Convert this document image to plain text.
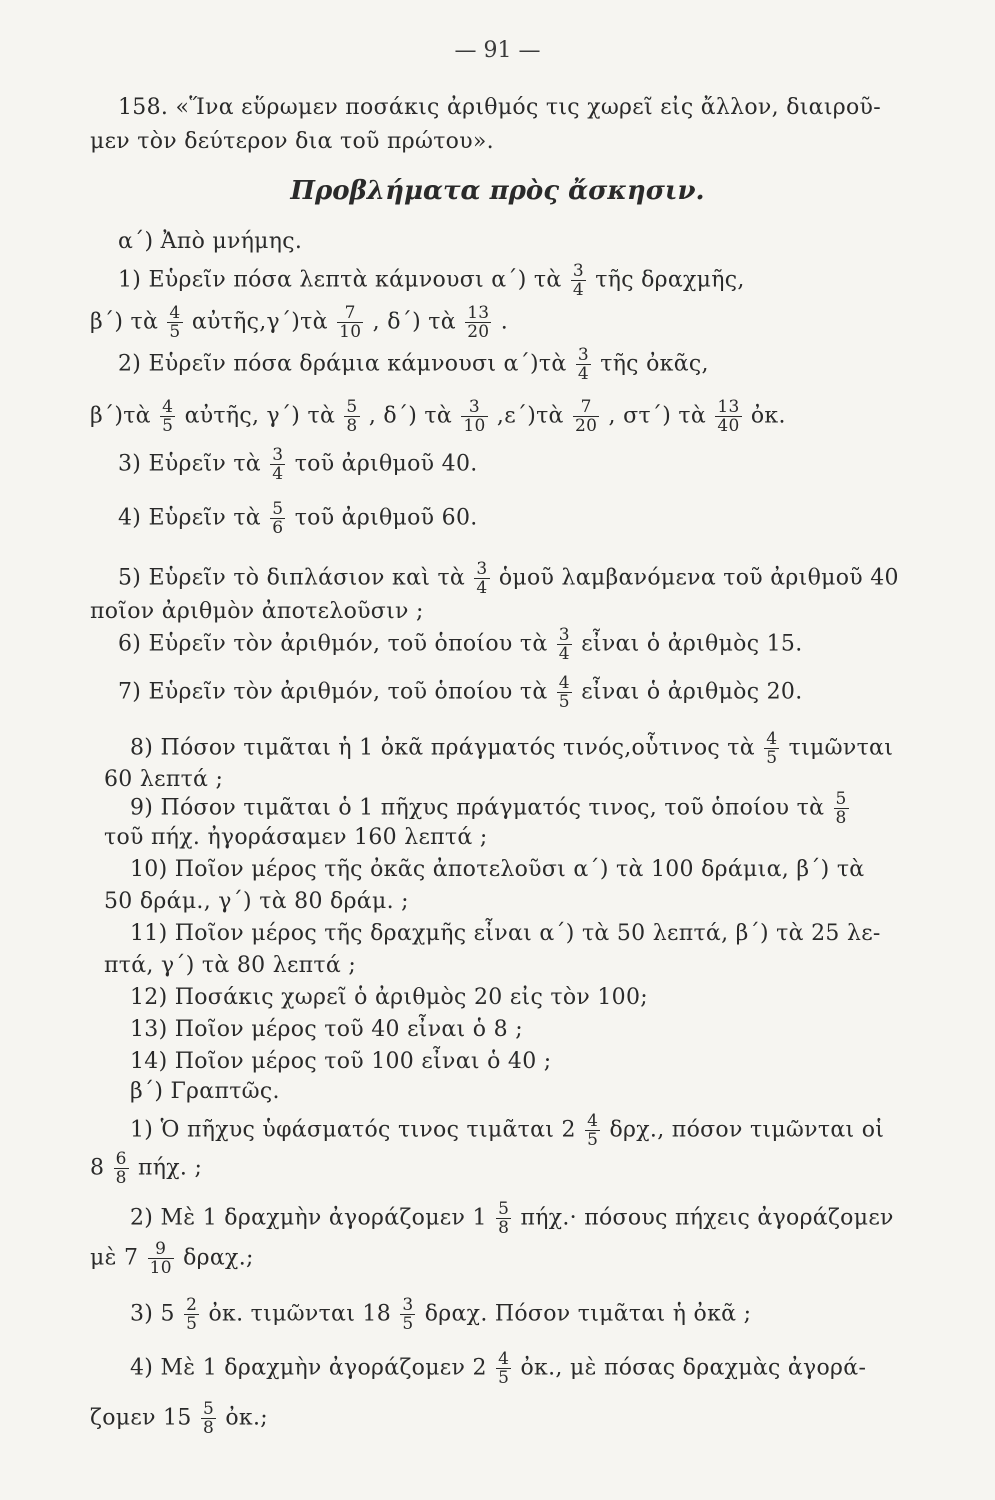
— 91 —
158. «Ἵνα εὕρωμεν ποσάκις ἀριθμός τις χωρεῖ εἰς ἄλλον, διαιροῦ-
μεν τὸν δεύτερον δια τοῦ πρώτου».
Προβλήματα πρὸς ἄσκησιν.
α΄) Ἀπὸ μνήμης.
1) Εὑρεῖν πόσα λεπτὰ κάμνουσι α΄) τὰ $\frac{3}{4}$ τῆς δραχμῆς,
β΄) τὰ $\frac{4}{5}$ αὐτῆς,γ΄)τὰ $\frac{7}{10}$ , δ΄) τὰ $\frac{13}{20}$ .
2) Εὑρεῖν πόσα δράμια κάμνουσι α΄)τὰ $\frac{3}{4}$ τῆς ὀκᾶς,
β΄)τὰ $\frac{4}{5}$ αὐτῆς, γ΄) τὰ $\frac{5}{8}$ , δ΄) τὰ $\frac{3}{10}$ ,ε΄)τὰ $\frac{7}{20}$ , στ΄) τὰ $\frac{13}{40}$ ὀκ.
3) Εὑρεῖν τὰ $\frac{3}{4}$ τοῦ ἀριθμοῦ 40.
4) Εὑρεῖν τὰ $\frac{5}{6}$ τοῦ ἀριθμοῦ 60.
5) Εὑρεῖν τὸ διπλάσιον καὶ τὰ $\frac{3}{4}$ ὁμοῦ λαμβανόμενα τοῦ ἀριθμοῦ 40
ποῖον ἀριθμὸν ἀποτελοῦσιν ;
6) Εὑρεῖν τὸν ἀριθμόν, τοῦ ὁποίου τὰ $\frac{3}{4}$ εἶναι ὁ ἀριθμὸς 15.
7) Εὑρεῖν τὸν ἀριθμόν, τοῦ ὁποίου τὰ $\frac{4}{5}$ εἶναι ὁ ἀριθμὸς 20.
8) Πόσον τιμᾶται ἡ 1 ὀκᾶ πράγματός τινός,οὗτινος τὰ $\frac{4}{5}$ τιμῶνται
60 λεπτά ;
9) Πόσον τιμᾶται ὁ 1 πῆχυς πράγματός τινος, τοῦ ὁποίου τὰ $\frac{5}{8}$
τοῦ πήχ. ἠγοράσαμεν 160 λεπτά ;
10) Ποῖον μέρος τῆς ὀκᾶς ἀποτελοῦσι α΄) τὰ 100 δράμια, β΄) τὰ
50 δράμ., γ΄) τὰ 80 δράμ. ;
11) Ποῖον μέρος τῆς δραχμῆς εἶναι α΄) τὰ 50 λεπτά, β΄) τὰ 25 λε-
πτά, γ΄) τὰ 80 λεπτά ;
12) Ποσάκις χωρεῖ ὁ ἀριθμὸς 20 εἰς τὸν 100;
13) Ποῖον μέρος τοῦ 40 εἶναι ὁ 8 ;
14) Ποῖον μέρος τοῦ 100 εἶναι ὁ 40 ;
β΄) Γραπτῶς.
1) Ὁ πῆχυς ὑφάσματός τινος τιμᾶται $2 \frac{4}{5} \delta\rho\chi$., πόσον τιμῶνται οἱ
$8 \frac{6}{8} \pi ή\chi$. ;
2) Μὲ 1 δραχμὴν ἀγοράζομεν $1 \frac{5}{8} \pi ή\chi.\cdot \pi ό\sigma o\upsilon\varsigma$ πήχεις ἀγοράζομεν
μὲ $7 \frac{9}{10} \delta\rho\alpha\chi$.;
3) $5 \frac{2}{5}$ ὀκ. τιμῶνται $18 \frac{3}{5} \delta\rho\alpha\chi$. Πόσον τιμᾶται ἡ ὀκᾶ ;
4) Μὲ 1 δραχμὴν ἀγοράζομεν $2 \frac{4}{5}$ ὀκ., μὲ πόσας δραχμὰς ἀγορά-
ζομεν $15 \frac{5}{8}$ ὀκ.;
